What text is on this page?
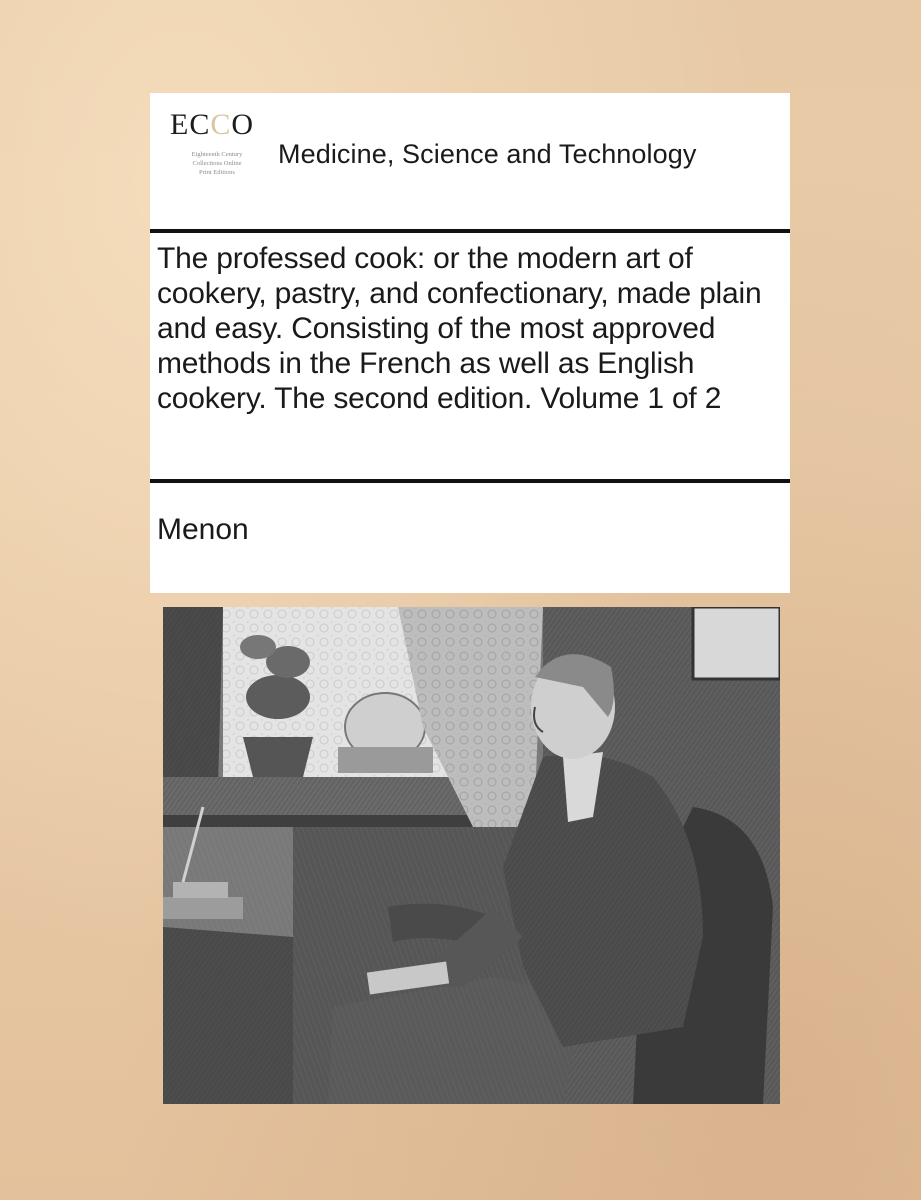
ECCO
Eighteenth Century
Collections Online
Print Editions
Medicine, Science and Technology
The professed cook: or the modern art of cookery, pastry, and confectionary, made plain and easy. Consisting of the most approved methods in the French as well as English cookery. The second edition. Volume 1 of 2
Menon
